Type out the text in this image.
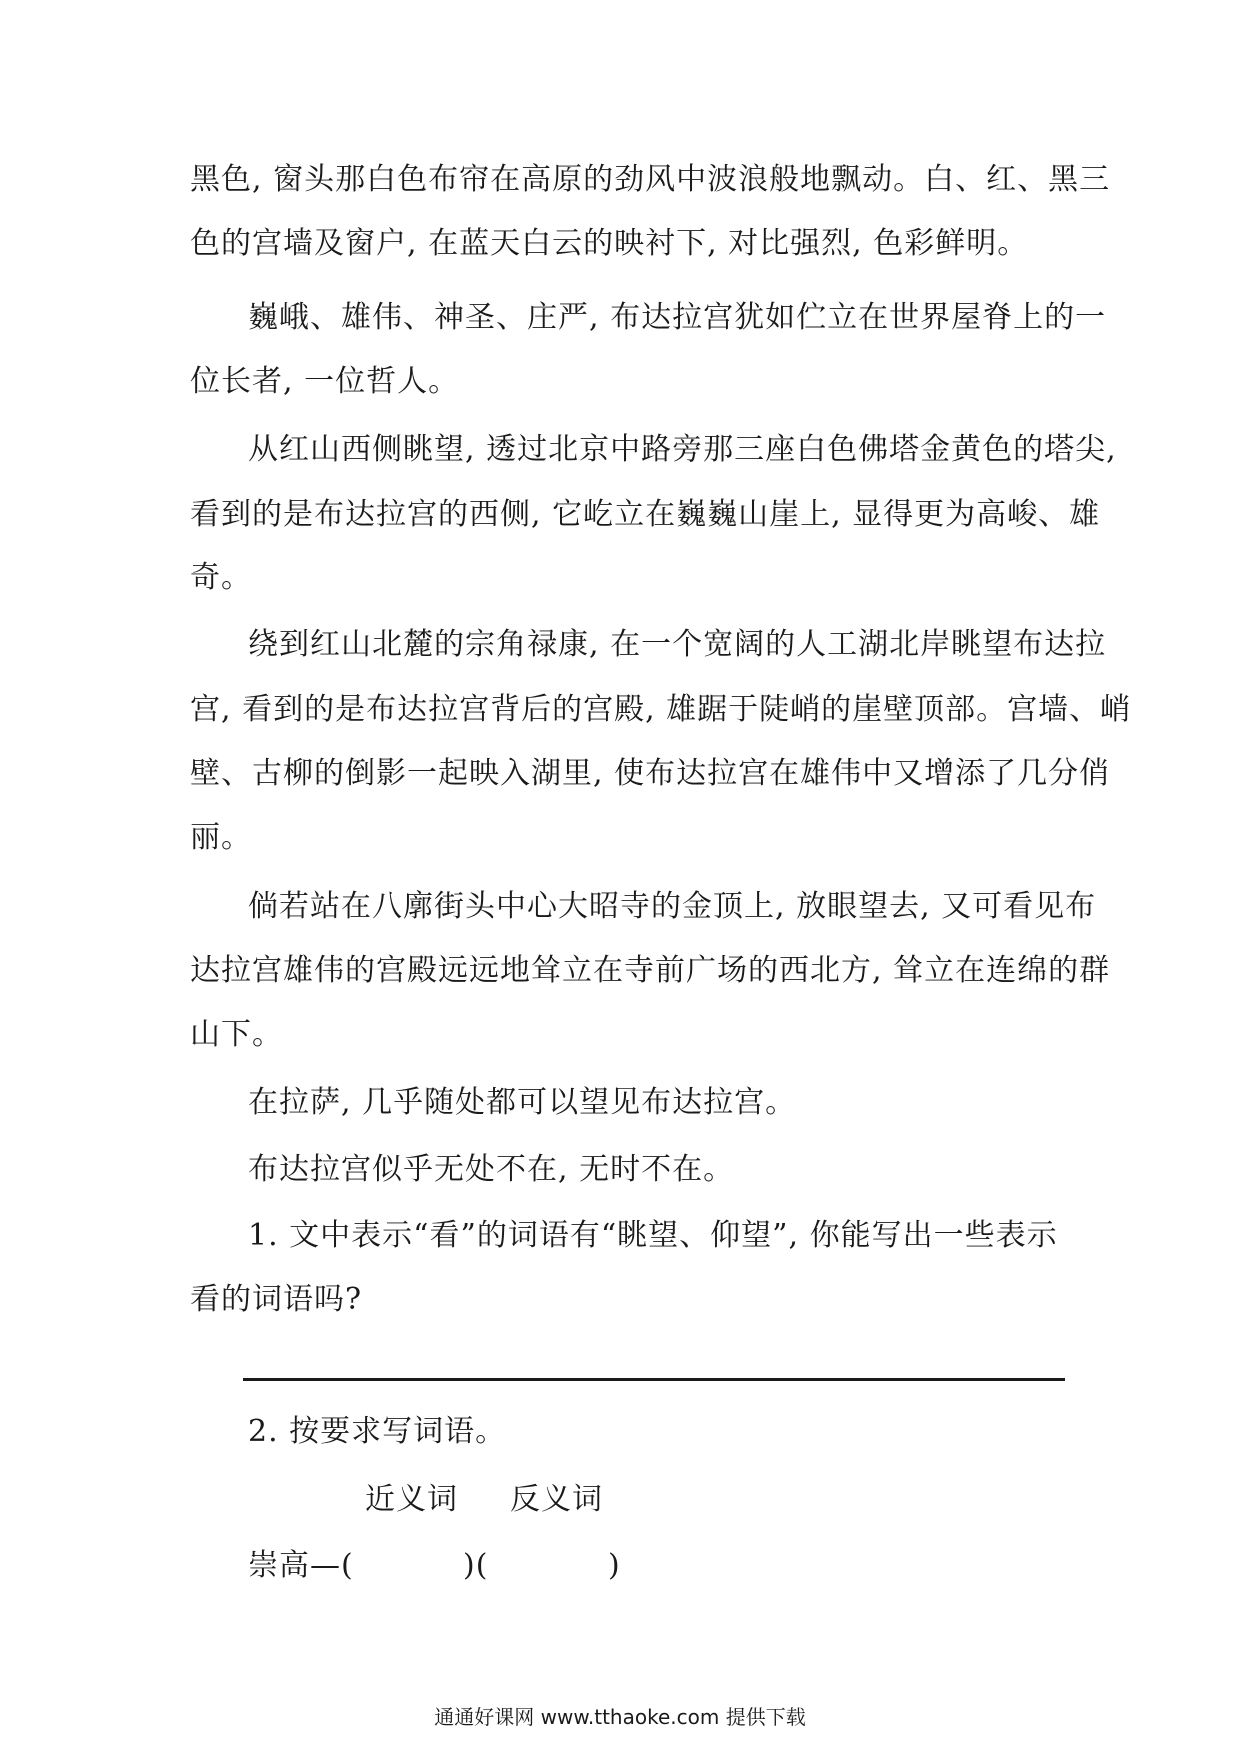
黑色, 窗头那白色布帘在高原的劲风中波浪般地飘动。白、红、黑三
色的宫墙及窗户, 在蓝天白云的映衬下, 对比强烈, 色彩鲜明。
巍峨、雄伟、神圣、庄严, 布达拉宫犹如伫立在世界屋脊上的一
位长者, 一位哲人。
从红山西侧眺望, 透过北京中路旁那三座白色佛塔金黄色的塔尖,
看到的是布达拉宫的西侧, 它屹立在巍巍山崖上, 显得更为高峻、雄
奇。
绕到红山北麓的宗角禄康, 在一个宽阔的人工湖北岸眺望布达拉
宫, 看到的是布达拉宫背后的宫殿, 雄踞于陡峭的崖壁顶部。宫墙、峭
壁、古柳的倒影一起映入湖里, 使布达拉宫在雄伟中又增添了几分俏
丽。
倘若站在八廓街头中心大昭寺的金顶上, 放眼望去, 又可看见布
达拉宫雄伟的宫殿远远地耸立在寺前广场的西北方, 耸立在连绵的群
山下。
在拉萨, 几乎随处都可以望见布达拉宫。
布达拉宫似乎无处不在, 无时不在。
1. 文中表示“看”的词语有“眺望、仰望”, 你能写出一些表示
看的词语吗?
2. 按要求写词语。
近义词 反义词
崇高—(	)(	)
通通好课网 www.tthaoke.com 提供下载
